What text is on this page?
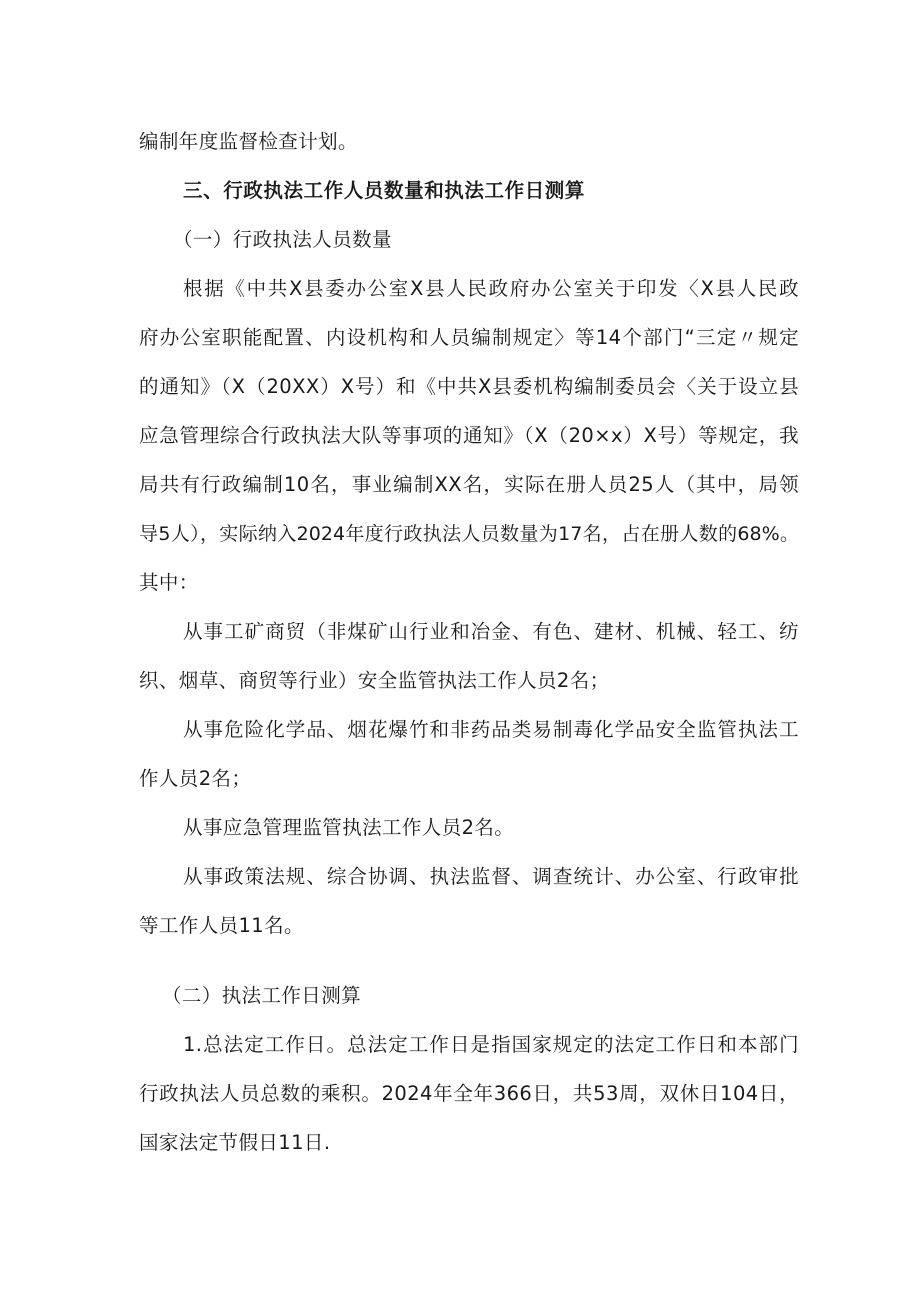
编制年度监督检查计划。
三、行政执法工作人员数量和执法工作日测算
（一）行政执法人员数量
根据《中共X县委办公室X县人民政府办公室关于印发〈X县人民政
府办公室职能配置、内设机构和人员编制规定〉等14个部门“三定〃规定
的通知》（X（20XX）X号）和《中共X县委机构编制委员会〈关于设立县
应急管理综合行政执法大队等事项的通知》（X（20×x）X号）等规定，我
局共有行政编制10名，事业编制XX名，实际在册人员25人（其中，局领
导5人），实际纳入2024年度行政执法人员数量为17名，占在册人数的68%。
其中：
从事工矿商贸（非煤矿山行业和冶金、有色、建材、机械、轻工、纺
织、烟草、商贸等行业）安全监管执法工作人员2名；
从事危险化学品、烟花爆竹和非药品类易制毒化学品安全监管执法工
作人员2名；
从事应急管理监管执法工作人员2名。
从事政策法规、综合协调、执法监督、调查统计、办公室、行政审批
等工作人员11名。
（二）执法工作日测算
1.总法定工作日。总法定工作日是指国家规定的法定工作日和本部门
行政执法人员总数的乘积。2024年全年366日，共53周，双休日104日，
国家法定节假日11日.
